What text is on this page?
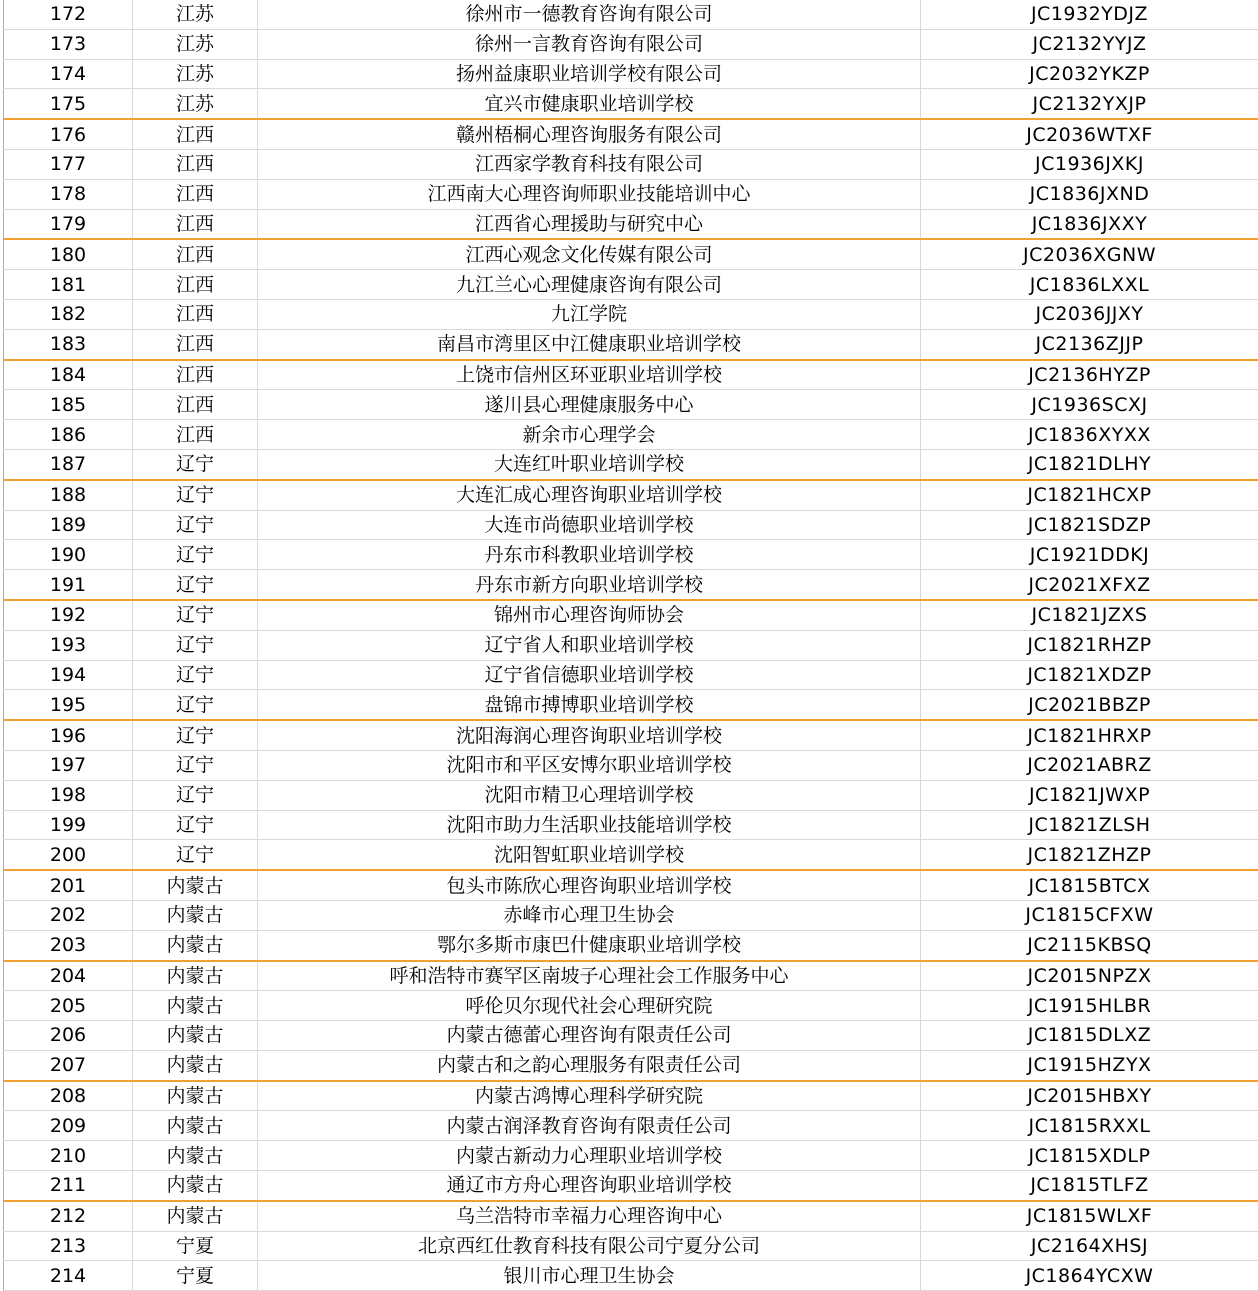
172	江苏	徐州市一德教育咨询有限公司	JC1932YDJZ
173	江苏	徐州一言教育咨询有限公司	JC2132YYJZ
174	江苏	扬州益康职业培训学校有限公司	JC2032YKZP
175	江苏	宜兴市健康职业培训学校	JC2132YXJP
176	江西	赣州梧桐心理咨询服务有限公司	JC2036WTXF
177	江西	江西家学教育科技有限公司	JC1936JXKJ
178	江西	江西南大心理咨询师职业技能培训中心	JC1836JXND
179	江西	江西省心理援助与研究中心	JC1836JXXY
180	江西	江西心观念文化传媒有限公司	JC2036XGNW
181	江西	九江兰心心理健康咨询有限公司	JC1836LXXL
182	江西	九江学院	JC2036JJXY
183	江西	南昌市湾里区中江健康职业培训学校	JC2136ZJJP
184	江西	上饶市信州区环亚职业培训学校	JC2136HYZP
185	江西	遂川县心理健康服务中心	JC1936SCXJ
186	江西	新余市心理学会	JC1836XYXX
187	辽宁	大连红叶职业培训学校	JC1821DLHY
188	辽宁	大连汇成心理咨询职业培训学校	JC1821HCXP
189	辽宁	大连市尚德职业培训学校	JC1821SDZP
190	辽宁	丹东市科教职业培训学校	JC1921DDKJ
191	辽宁	丹东市新方向职业培训学校	JC2021XFXZ
192	辽宁	锦州市心理咨询师协会	JC1821JZXS
193	辽宁	辽宁省人和职业培训学校	JC1821RHZP
194	辽宁	辽宁省信德职业培训学校	JC1821XDZP
195	辽宁	盘锦市搏博职业培训学校	JC2021BBZP
196	辽宁	沈阳海润心理咨询职业培训学校	JC1821HRXP
197	辽宁	沈阳市和平区安博尔职业培训学校	JC2021ABRZ
198	辽宁	沈阳市精卫心理培训学校	JC1821JWXP
199	辽宁	沈阳市助力生活职业技能培训学校	JC1821ZLSH
200	辽宁	沈阳智虹职业培训学校	JC1821ZHZP
201	内蒙古	包头市陈欣心理咨询职业培训学校	JC1815BTCX
202	内蒙古	赤峰市心理卫生协会	JC1815CFXW
203	内蒙古	鄂尔多斯市康巴什健康职业培训学校	JC2115KBSQ
204	内蒙古	呼和浩特市赛罕区南坡子心理社会工作服务中心	JC2015NPZX
205	内蒙古	呼伦贝尔现代社会心理研究院	JC1915HLBR
206	内蒙古	内蒙古德蕾心理咨询有限责任公司	JC1815DLXZ
207	内蒙古	内蒙古和之韵心理服务有限责任公司	JC1915HZYX
208	内蒙古	内蒙古鸿博心理科学研究院	JC2015HBXY
209	内蒙古	内蒙古润泽教育咨询有限责任公司	JC1815RXXL
210	内蒙古	内蒙古新动力心理职业培训学校	JC1815XDLP
211	内蒙古	通辽市方舟心理咨询职业培训学校	JC1815TLFZ
212	内蒙古	乌兰浩特市幸福力心理咨询中心	JC1815WLXF
213	宁夏	北京西红仕教育科技有限公司宁夏分公司	JC2164XHSJ
214	宁夏	银川市心理卫生协会	JC1864YCXW
